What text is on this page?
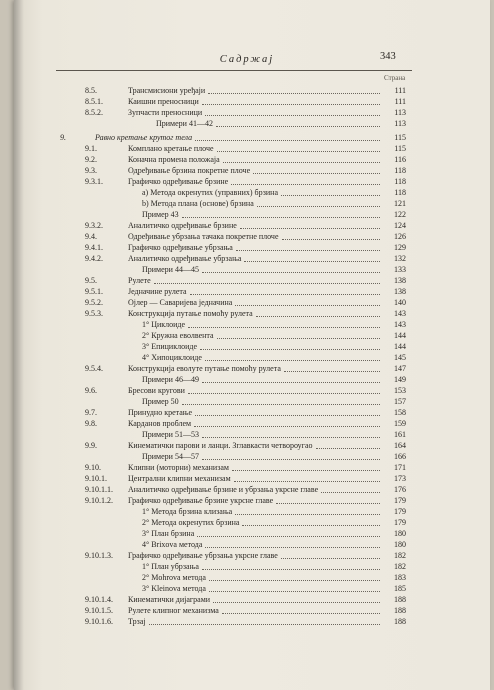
Садржај	343
Страна
8.5.	Трансмисиони уређаји	111
8.5.1.	Каишни преносници	111
8.5.2.	Зупчасти преносници	113
Примери 41—42	113
9.	Равно кретање крутог тела	115
9.1.	Комплано кретање плоче	115
9.2.	Коначна промена положаја	116
9.3.	Одређивање брзина покретне плоче	118
9.3.1.	Графичко одређивање брзине	118
а) Метода окренутих (управних) брзина	118
b) Метода плана (основе) брзина	121
Пример 43	122
9.3.2.	Аналитичко одређивање брзине	124
9.4.	Одређивање убрзања тачака покретне плоче	126
9.4.1.	Графичко одређивање убрзања	129
9.4.2.	Аналитичко одређивање убрзања	132
Примери 44—45	133
9.5.	Рулете	138
9.5.1.	Једначине рулета	138
9.5.2.	Ојлер — Саваријева једначина	140
9.5.3.	Конструкција путање помоћу рулета	143
1° Циклоиде	143
2° Кружна еволвента	144
3° Епициклоиде	144
4° Хипоциклоиде	145
9.5.4.	Конструкција еволуте путање помоћу рулета	147
Примери 46—49	149
9.6.	Бресови кругови	153
Пример 50	157
9.7.	Принудно кретање	158
9.8.	Карданов проблем	159
Примери 51—53	161
9.9.	Кинематички парови и ланци. Зглавкасти четвороугао	164
Примери 54—57	166
9.10.	Клипни (моторни) механизам	171
9.10.1.	Централни клипни механизам	173
9.10.1.1. Аналитичко одређивање брзине и убрзања укрсне главе	176
9.10.1.2. Графичко одређивање брзине укрсне главе	179
1° Метода брзина клизања	179
2° Метода окренутих брзина	179
3° План брзина	180
4° Brixova метода	180
9.10.1.3. Графичко одређивање убрзања укрсне главе	182
1° План убрзања	182
2° Mohrova метода	183
3° Kleinova метода	185
9.10.1.4. Кинематички дијаграми	188
9.10.1.5. Рулете клипног механизма	188
9.10.1.6. Трзај	188
